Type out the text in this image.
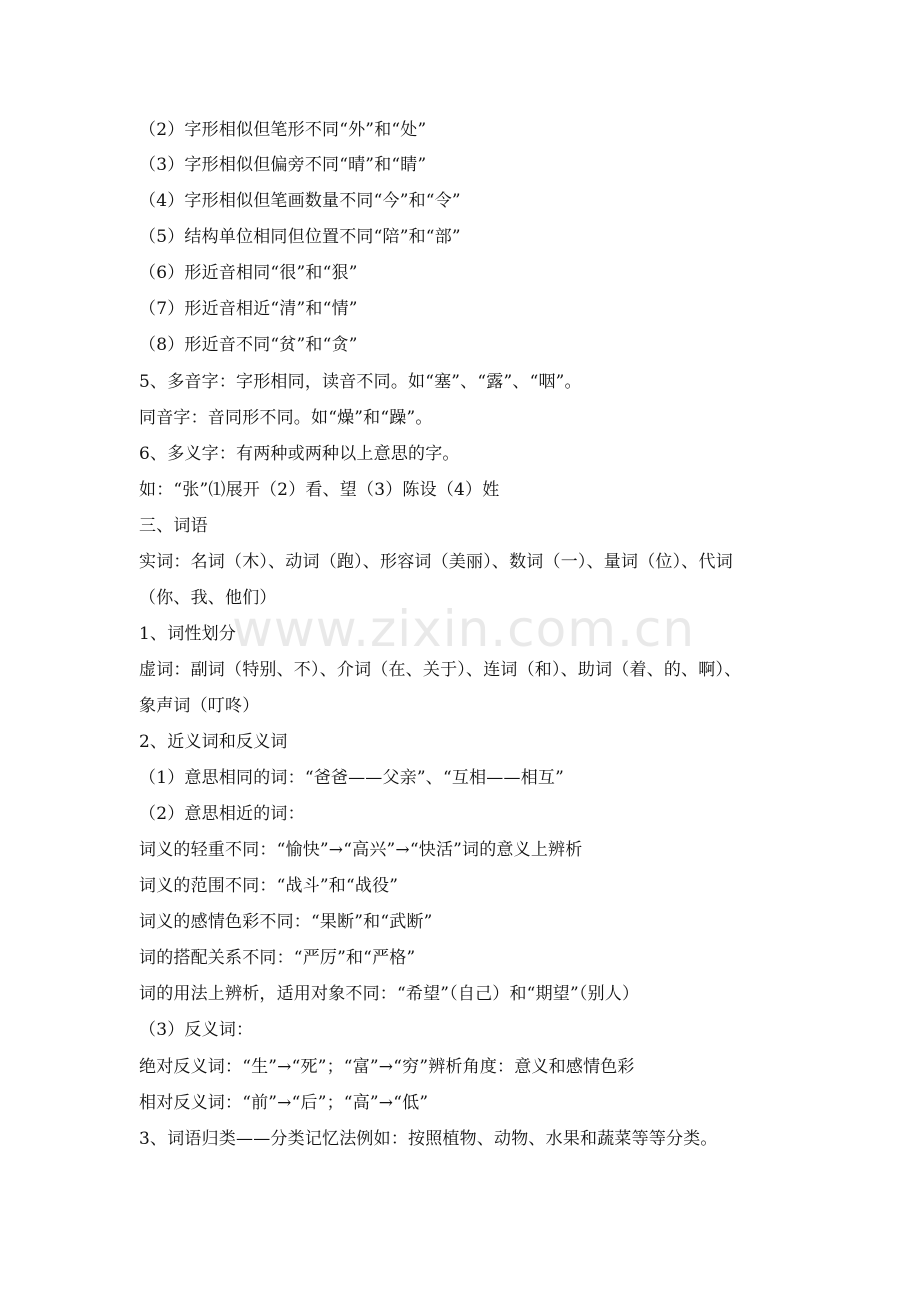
（2）字形相似但笔形不同“外”和“处”
（3）字形相似但偏旁不同“晴”和“睛”
（4）字形相似但笔画数量不同“今”和“令”
（5）结构单位相同但位置不同“陪”和“部”
（6）形近音相同“很”和“狠”
（7）形近音相近“清”和“情”
（8）形近音不同“贫”和“贪”
5、多音字：字形相同，读音不同。如“塞”、“露”、“咽”。
同音字：音同形不同。如“燥”和“躁”。
6、多义字：有两种或两种以上意思的字。
如：“张”⑴展开（2）看、望（3）陈设（4）姓
三、词语
实词：名词（木）、动词（跑）、形容词（美丽）、数词（一）、量词（位）、代词
（你、我、他们）
1、词性划分
虚词：副词（特别、不）、介词（在、关于）、连词（和）、助词（着、的、啊）、
象声词（叮咚）
2、近义词和反义词
（1）意思相同的词：“爸爸——父亲”、“互相——相互”
（2）意思相近的词：
词义的轻重不同：“愉快”→“高兴”→“快活”词的意义上辨析
词义的范围不同：“战斗”和“战役”
词义的感情色彩不同：“果断”和“武断”
词的搭配关系不同：“严厉”和“严格”
词的用法上辨析，适用对象不同：“希望”（自己）和“期望”（别人）
（3）反义词：
绝对反义词：“生”→“死”；“富”→“穷”辨析角度：意义和感情色彩
相对反义词：“前”→“后”；“高”→“低”
3、词语归类——分类记忆法例如：按照植物、动物、水果和蔬菜等等分类。
www.zixin.com.cn
